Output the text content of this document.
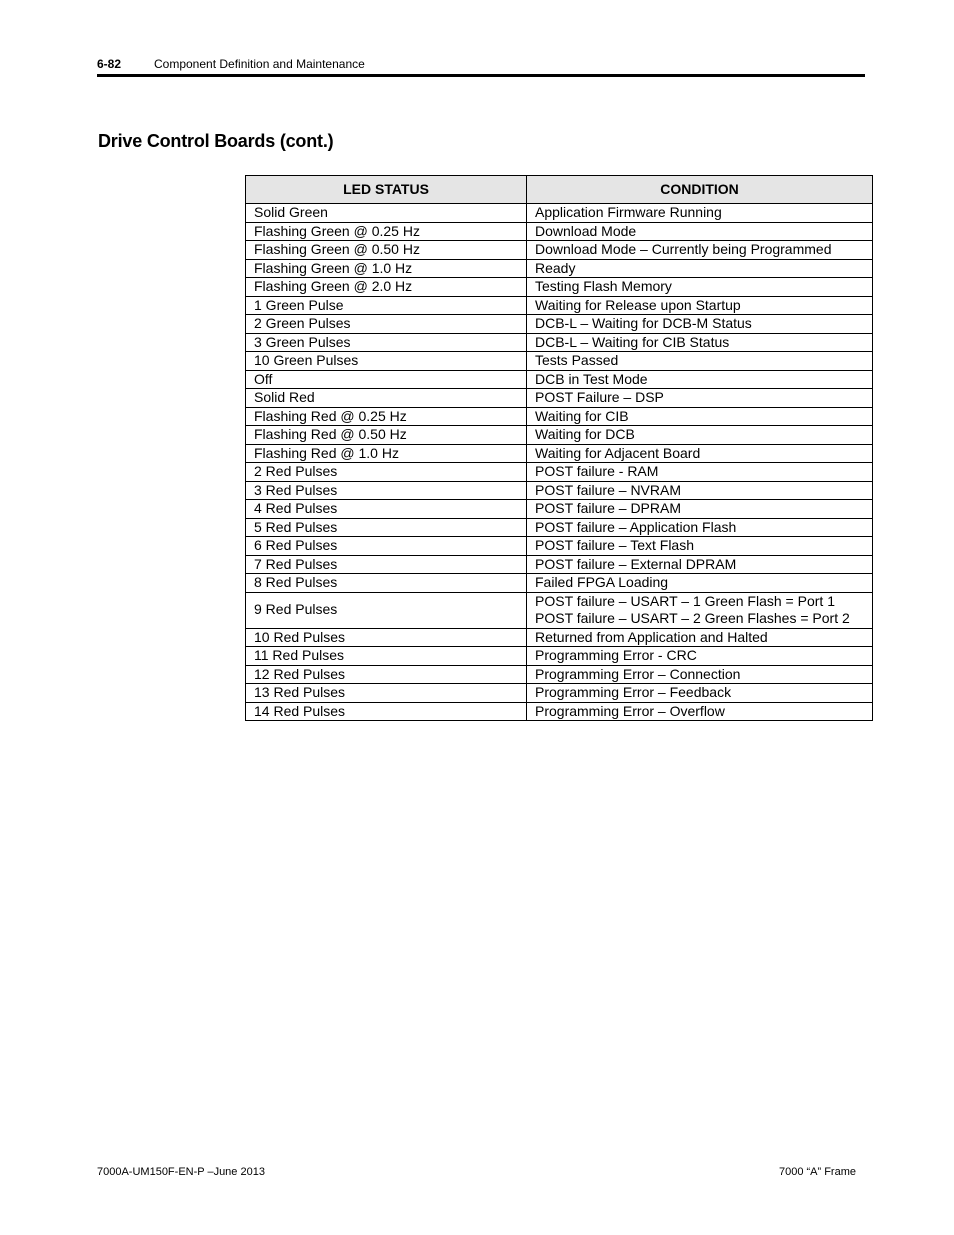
6-82	Component Definition and Maintenance
Drive Control Boards (cont.)
LED STATUS	CONDITION
Solid Green	Application Firmware Running

Flashing Green @ 0.25 Hz	Download Mode

Flashing Green @ 0.50 Hz	Download Mode – Currently being Programmed

Flashing Green @ 1.0 Hz	Ready

Flashing Green @ 2.0 Hz	Testing Flash Memory

1 Green Pulse	Waiting for Release upon Startup

2 Green Pulses	DCB-L – Waiting for DCB-M Status

3 Green Pulses	DCB-L – Waiting for CIB Status

10 Green Pulses	Tests Passed

Off	DCB in Test Mode

Solid Red	POST Failure – DSP

Flashing Red @ 0.25 Hz	Waiting for CIB

Flashing Red @ 0.50 Hz	Waiting for DCB

Flashing Red @ 1.0 Hz	Waiting for Adjacent Board

2 Red Pulses	POST failure - RAM

3 Red Pulses	POST failure – NVRAM

4 Red Pulses	POST failure – DPRAM

5 Red Pulses	POST failure – Application Flash

6 Red Pulses	POST failure – Text Flash

7 Red Pulses	POST failure – External DPRAM

8 Red Pulses	Failed FPGA Loading

9 Red Pulses	POST failure – USART – 1 Green Flash = Port 1
POST failure – USART – 2 Green Flashes = Port 2

10 Red Pulses	Returned from Application and Halted

11 Red Pulses	Programming Error - CRC

12 Red Pulses	Programming Error – Connection

13 Red Pulses	Programming Error – Feedback

14 Red Pulses	Programming Error – Overflow
7000A-UM150F-EN-P –June 2013	7000 “A” Frame
